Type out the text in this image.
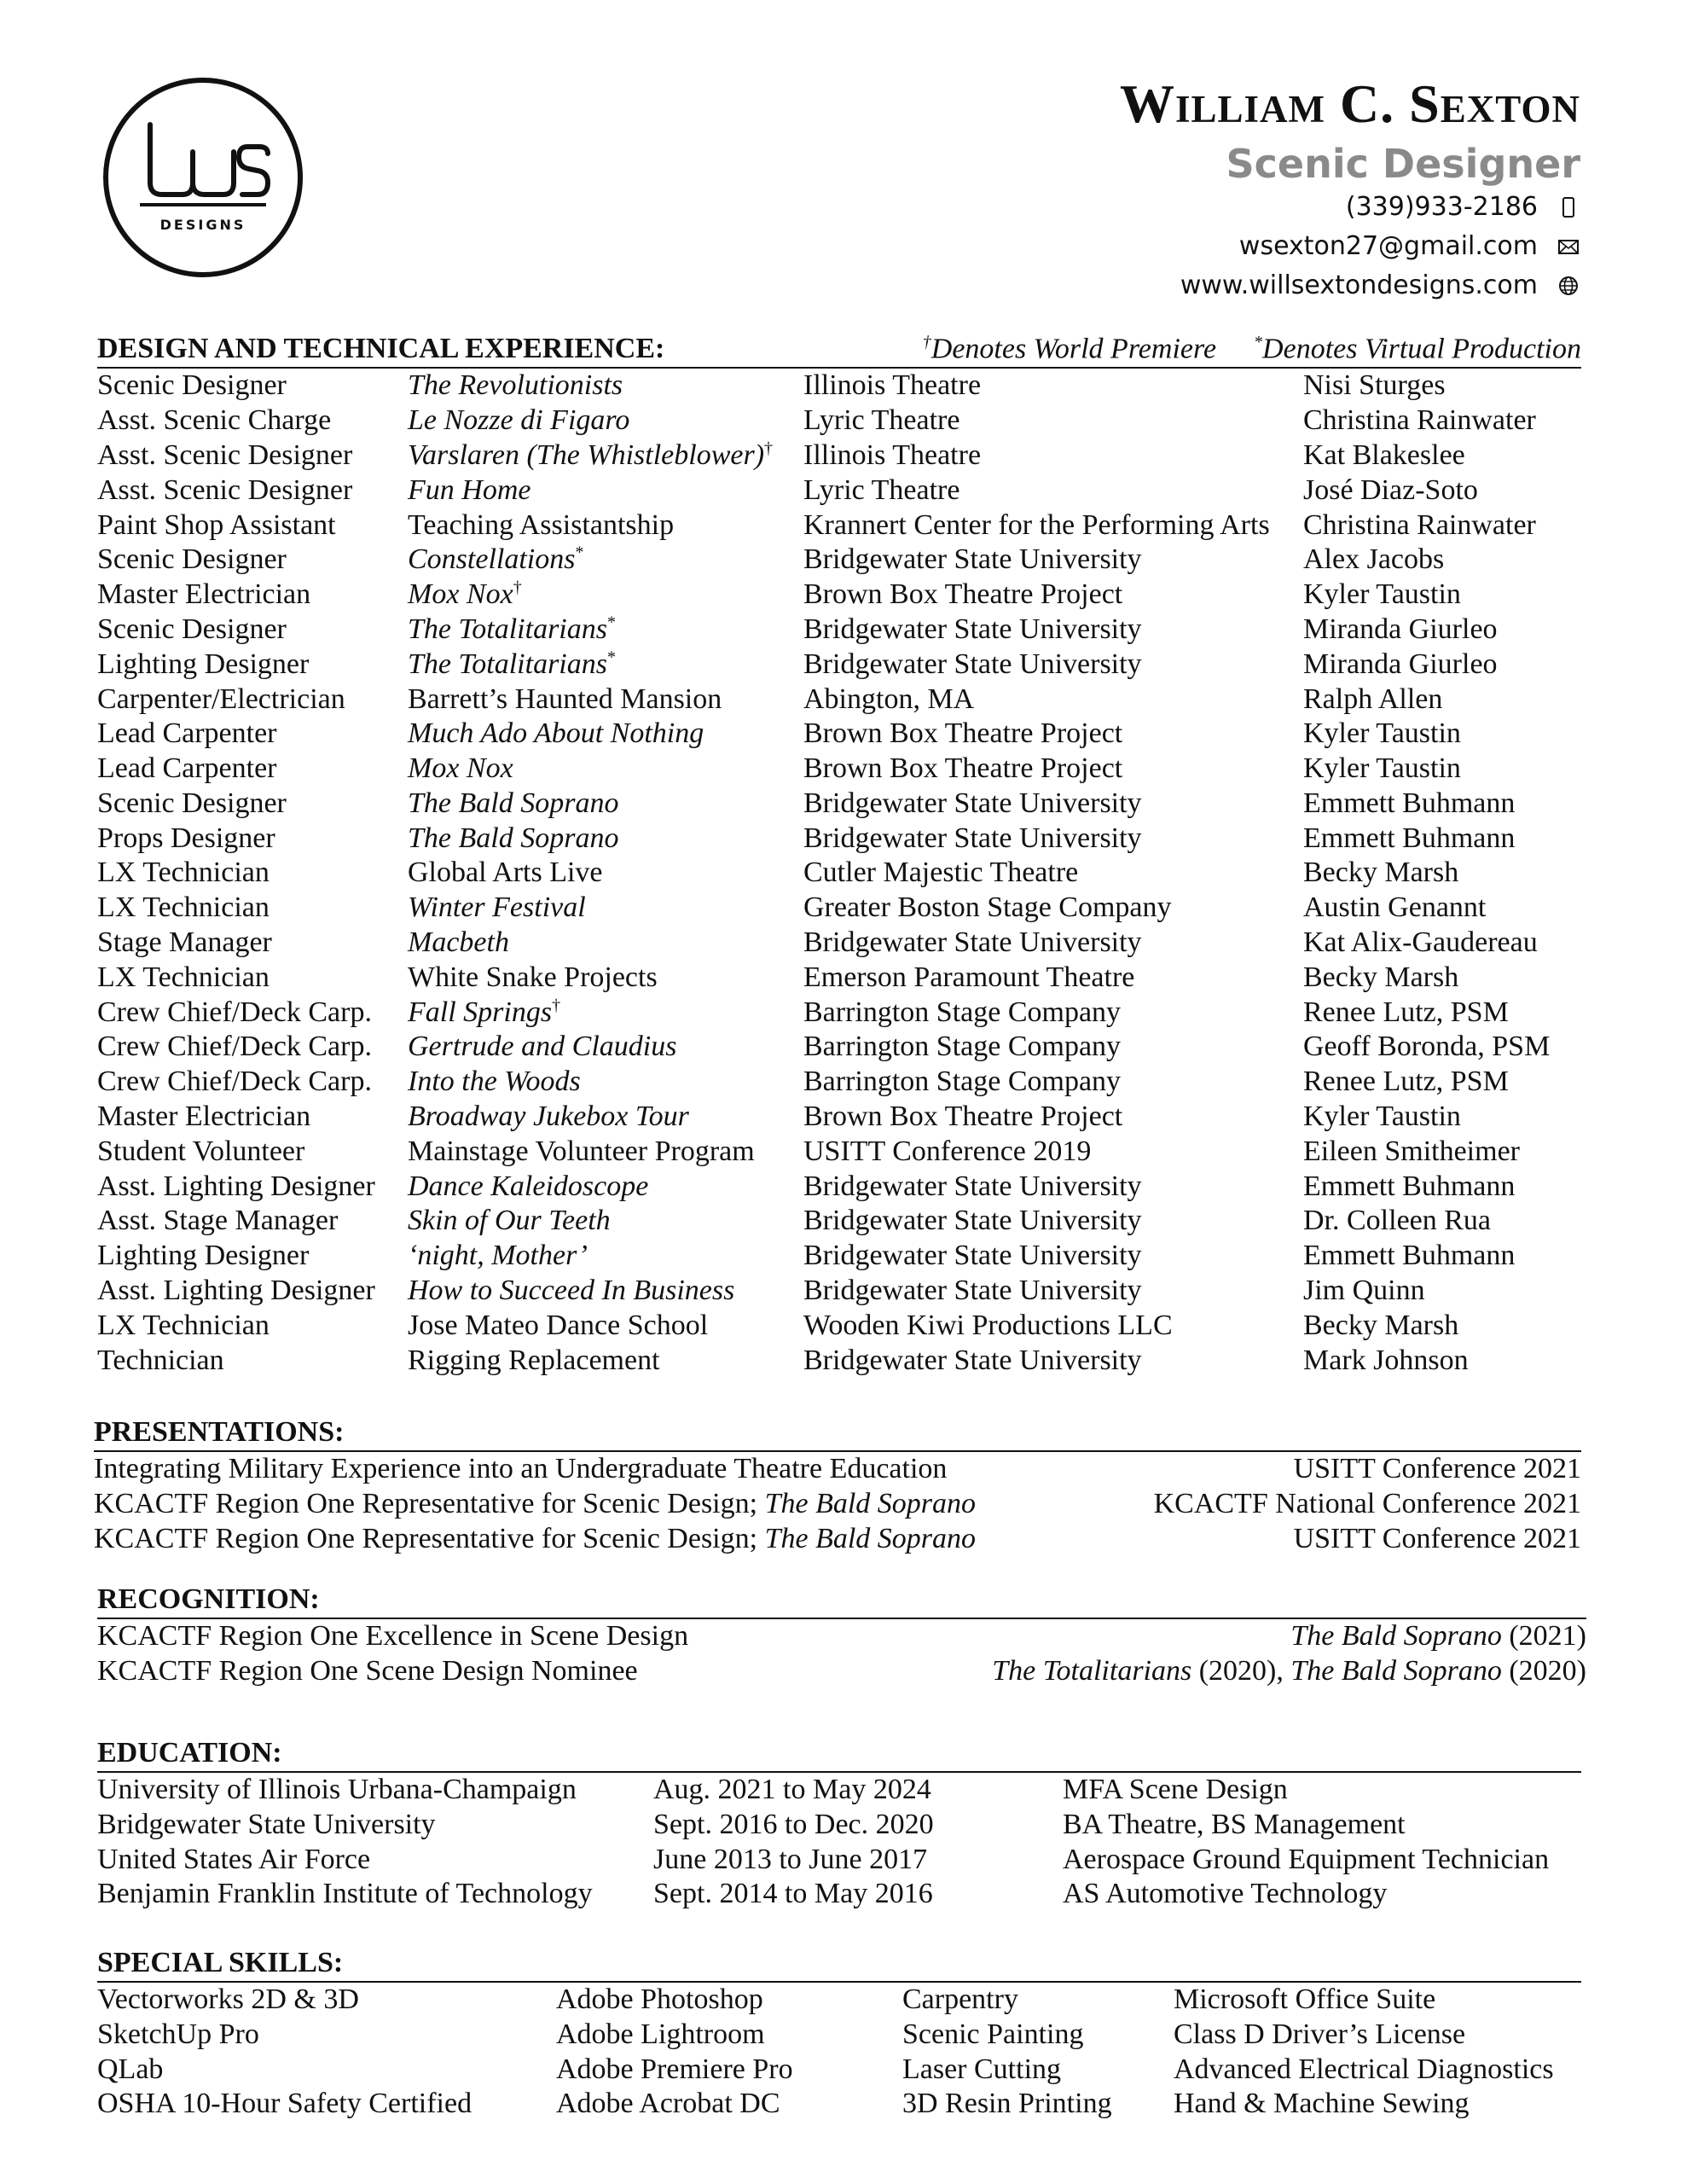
DESIGNS
William C. Sexton
Scenic Designer
(339)933-2186
wsexton27@gmail.com
www.willsextondesigns.com
DESIGN AND TECHNICAL EXPERIENCE:	†Denotes World Premiere *Denotes Virtual Production
Scenic Designer	The Revolutionists	Illinois Theatre	Nisi Sturges
Asst. Scenic Charge	Le Nozze di Figaro	Lyric Theatre	Christina Rainwater
Asst. Scenic Designer	Varslaren (The Whistleblower)†	Illinois Theatre	Kat Blakeslee
Asst. Scenic Designer	Fun Home	Lyric Theatre	José Diaz-Soto
Paint Shop Assistant	Teaching Assistantship	Krannert Center for the Performing Arts	Christina Rainwater
Scenic Designer	Constellations*	Bridgewater State University	Alex Jacobs
Master Electrician	Mox Nox†	Brown Box Theatre Project	Kyler Taustin
Scenic Designer	The Totalitarians*	Bridgewater State University	Miranda Giurleo
Lighting Designer	The Totalitarians*	Bridgewater State University	Miranda Giurleo
Carpenter/Electrician	Barrett’s Haunted Mansion	Abington, MA	Ralph Allen
Lead Carpenter	Much Ado About Nothing	Brown Box Theatre Project	Kyler Taustin
Lead Carpenter	Mox Nox	Brown Box Theatre Project	Kyler Taustin
Scenic Designer	The Bald Soprano	Bridgewater State University	Emmett Buhmann
Props Designer	The Bald Soprano	Bridgewater State University	Emmett Buhmann
LX Technician	Global Arts Live	Cutler Majestic Theatre	Becky Marsh
LX Technician	Winter Festival	Greater Boston Stage Company	Austin Genannt
Stage Manager	Macbeth	Bridgewater State University	Kat Alix-Gaudereau
LX Technician	White Snake Projects	Emerson Paramount Theatre	Becky Marsh
Crew Chief/Deck Carp.	Fall Springs†	Barrington Stage Company	Renee Lutz, PSM
Crew Chief/Deck Carp.	Gertrude and Claudius	Barrington Stage Company	Geoff Boronda, PSM
Crew Chief/Deck Carp.	Into the Woods	Barrington Stage Company	Renee Lutz, PSM
Master Electrician	Broadway Jukebox Tour	Brown Box Theatre Project	Kyler Taustin
Student Volunteer	Mainstage Volunteer Program	USITT Conference 2019	Eileen Smitheimer
Asst. Lighting Designer	Dance Kaleidoscope	Bridgewater State University	Emmett Buhmann
Asst. Stage Manager	Skin of Our Teeth	Bridgewater State University	Dr. Colleen Rua
Lighting Designer	‘night, Mother’	Bridgewater State University	Emmett Buhmann
Asst. Lighting Designer	How to Succeed In Business	Bridgewater State University	Jim Quinn
LX Technician	Jose Mateo Dance School	Wooden Kiwi Productions LLC	Becky Marsh
Technician	Rigging Replacement	Bridgewater State University	Mark Johnson
PRESENTATIONS:
Integrating Military Experience into an Undergraduate Theatre Education	USITT Conference 2021
KCACTF Region One Representative for Scenic Design; The Bald Soprano	KCACTF National Conference 2021
KCACTF Region One Representative for Scenic Design; The Bald Soprano	USITT Conference 2021
RECOGNITION:
KCACTF Region One Excellence in Scene Design	The Bald Soprano (2021)
KCACTF Region One Scene Design Nominee	The Totalitarians (2020), The Bald Soprano (2020)
EDUCATION:
University of Illinois Urbana-Champaign	Aug. 2021 to May 2024	MFA Scene Design
Bridgewater State University	Sept. 2016 to Dec. 2020	BA Theatre, BS Management
United States Air Force	June 2013 to June 2017	Aerospace Ground Equipment Technician
Benjamin Franklin Institute of Technology	Sept. 2014 to May 2016	AS Automotive Technology
SPECIAL SKILLS:
Vectorworks 2D & 3D	Adobe Photoshop	Carpentry	Microsoft Office Suite
SketchUp Pro	Adobe Lightroom	Scenic Painting	Class D Driver’s License
QLab	Adobe Premiere Pro	Laser Cutting	Advanced Electrical Diagnostics
OSHA 10-Hour Safety Certified	Adobe Acrobat DC	3D Resin Printing	Hand & Machine Sewing
